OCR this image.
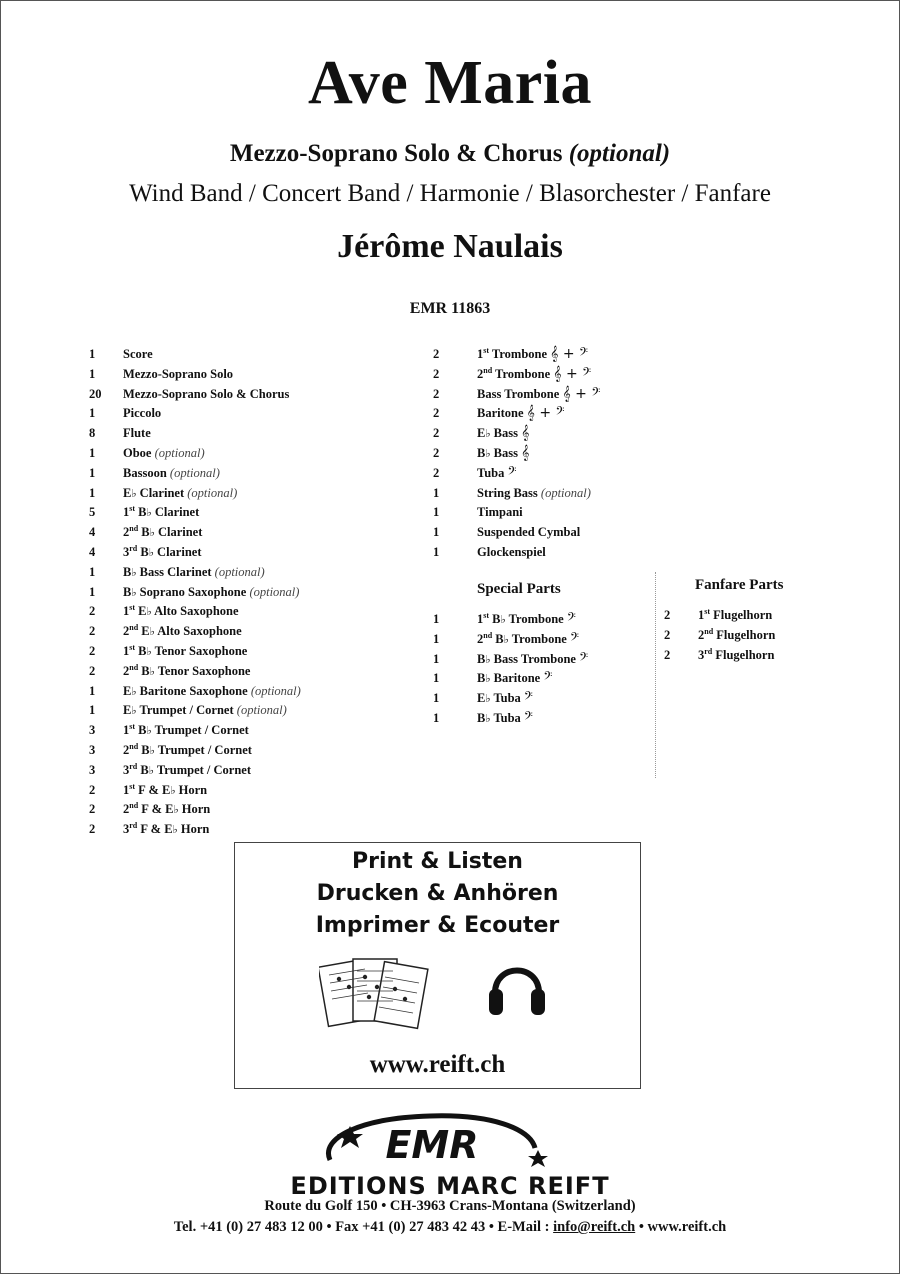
Ave Maria
Mezzo-Soprano Solo & Chorus (optional)
Wind Band / Concert Band / Harmonie / Blasorchester / Fanfare
Jérôme Naulais
EMR 11863
1 Score
1 Mezzo-Soprano Solo
20 Mezzo-Soprano Solo & Chorus
1 Piccolo
8 Flute
1 Oboe (optional)
1 Bassoon (optional)
1 E♭ Clarinet (optional)
5 1st B♭ Clarinet
4 2nd B♭ Clarinet
4 3rd B♭ Clarinet
1 B♭ Bass Clarinet (optional)
1 B♭ Soprano Saxophone (optional)
2 1st E♭ Alto Saxophone
2 2nd E♭ Alto Saxophone
2 1st B♭ Tenor Saxophone
2 2nd B♭ Tenor Saxophone
1 E♭ Baritone Saxophone (optional)
1 E♭ Trumpet / Cornet (optional)
3 1st B♭ Trumpet / Cornet
3 2nd B♭ Trumpet / Cornet
3 3rd B♭ Trumpet / Cornet
2 1st F & E♭ Horn
2 2nd F & E♭ Horn
2 3rd F & E♭ Horn
2	1st Trombone 𝄞 + 𝄢
2	2nd Trombone 𝄞 + 𝄢
2	Bass Trombone 𝄞 + 𝄢
2	Baritone 𝄞 + 𝄢
2	E♭ Bass 𝄞
2	B♭ Bass 𝄞
2	Tuba 𝄢
1	String Bass (optional)
1	Timpani
1	Suspended Cymbal
1	Glockenspiel
Special Parts
1	1st B♭ Trombone 𝄢
1	2nd B♭ Trombone 𝄢
1	B♭ Bass Trombone 𝄢
1	B♭ Baritone 𝄢
1	E♭ Tuba 𝄢
1	B♭ Tuba 𝄢
Fanfare Parts
2 1st Flugelhorn
2 2nd Flugelhorn
2 3rd Flugelhorn
Print & Listen
Drucken & Anhören
Imprimer & Ecouter
www.reift.ch
EMR
EDITIONS MARC REIFT
Route du Golf 150 • CH-3963 Crans-Montana (Switzerland)
Tel. +41 (0) 27 483 12 00 • Fax +41 (0) 27 483 42 43 • E-Mail : info@reift.ch • www.reift.ch
